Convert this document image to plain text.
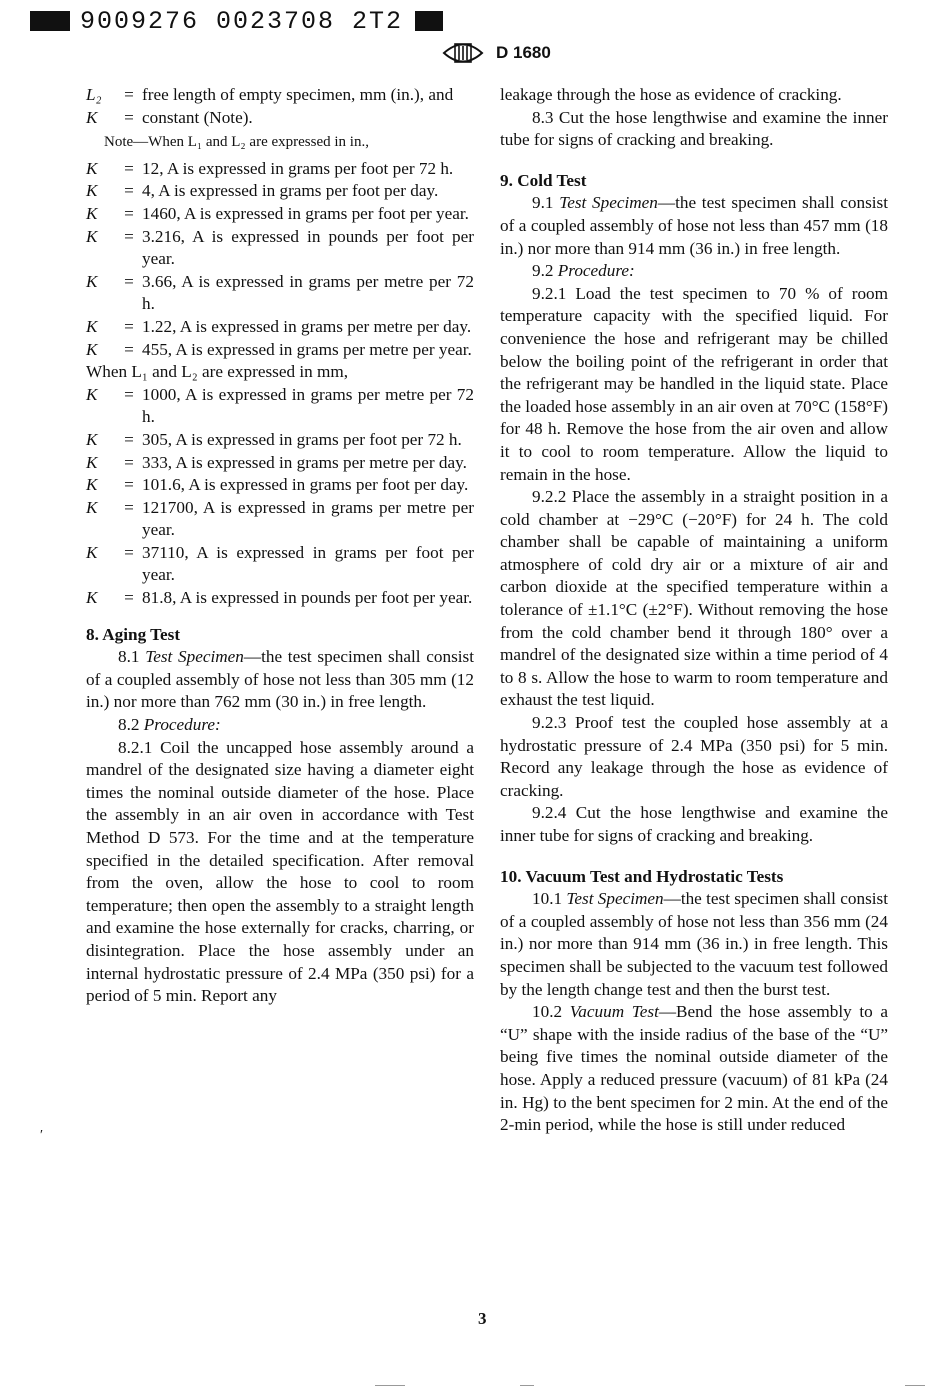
9009276 0023708 2T2
D 1680
L₂	= free length of empty specimen, mm (in.), and
K	= constant (Note).

Note—When L₁ and L₂ are expressed in in.,

K	= 12, A is expressed in grams per foot per 72 h.
K	= 4, A is expressed in grams per foot per day.
K	= 1460, A is expressed in grams per foot per year.
K	= 3.216, A is expressed in pounds per foot per year.
K	= 3.66, A is expressed in grams per metre per 72 h.
K	= 1.22, A is expressed in grams per metre per day.
K	= 455, A is expressed in grams per metre per year.

When L₁ and L₂ are expressed in mm,

K	= 1000, A is expressed in grams per metre per 72 h.
K	= 305, A is expressed in grams per foot per 72 h.
K	= 333, A is expressed in grams per metre per day.
K	= 101.6, A is expressed in grams per foot per day.
K	= 121700, A is expressed in grams per metre per year.
K	= 37110, A is expressed in grams per foot per year.
K	= 81.8, A is expressed in pounds per foot per year.
8. Aging Test

8.1 Test Specimen—the test specimen shall consist of a coupled assembly of hose not less than 305 mm (12 in.) nor more than 762 mm (30 in.) in free length.

8.2 Procedure:

8.2.1 Coil the uncapped hose assembly around a mandrel of the designated size having a diameter eight times the nominal outside diameter of the hose. Place the assembly in an air oven in accordance with Test Method D 573. For the time and at the temperature specified in the detailed specification. After removal from the oven, allow the hose to cool to room temperature; then open the assembly to a straight length and examine the hose externally for cracks, charring, or disintegration. Place the hose assembly under an internal hydrostatic pressure of 2.4 MPa (350 psi) for a period of 5 min. Report any

leakage through the hose as evidence of cracking.

8.3 Cut the hose lengthwise and examine the inner tube for signs of cracking and breaking.

9. Cold Test

9.1 Test Specimen—the test specimen shall consist of a coupled assembly of hose not less than 457 mm (18 in.) nor more than 914 mm (36 in.) in free length.

9.2 Procedure:

9.2.1 Load the test specimen to 70 % of room temperature capacity with the specified liquid. For convenience the hose and refrigerant may be chilled below the boiling point of the refrigerant in order that the refrigerant may be handled in the liquid state. Place the loaded hose assembly in an air oven at 70°C (158°F) for 48 h. Remove the hose from the air oven and allow it to cool to room temperature. Allow the liquid to remain in the hose.

9.2.2 Place the assembly in a straight position in a cold chamber at −29°C (−20°F) for 24 h. The cold chamber shall be capable of maintaining a uniform atmosphere of cold dry air or a mixture of air and carbon dioxide at the specified temperature within a tolerance of ±1.1°C (±2°F). Without removing the hose from the cold chamber bend it through 180° over a mandrel of the designated size within a time period of 4 to 8 s. Allow the hose to warm to room temperature and exhaust the test liquid.

9.2.3 Proof test the coupled hose assembly at a hydrostatic pressure of 2.4 MPa (350 psi) for 5 min. Record any leakage through the hose as evidence of cracking.

9.2.4 Cut the hose lengthwise and examine the inner tube for signs of cracking and breaking.

10. Vacuum Test and Hydrostatic Tests

10.1 Test Specimen—the test specimen shall consist of a coupled assembly of hose not less than 356 mm (24 in.) nor more than 914 mm (36 in.) in free length. This specimen shall be subjected to the vacuum test followed by the length change test and then the burst test.

10.2 Vacuum Test—Bend the hose assembly to a “U” shape with the inside radius of the base of the “U” being five times the nominal outside diameter of the hose. Apply a reduced pressure (vacuum) of 81 kPa (24 in. Hg) to the bent specimen for 2 min. At the end of the 2-min period, while the hose is still under reduced

′
3
